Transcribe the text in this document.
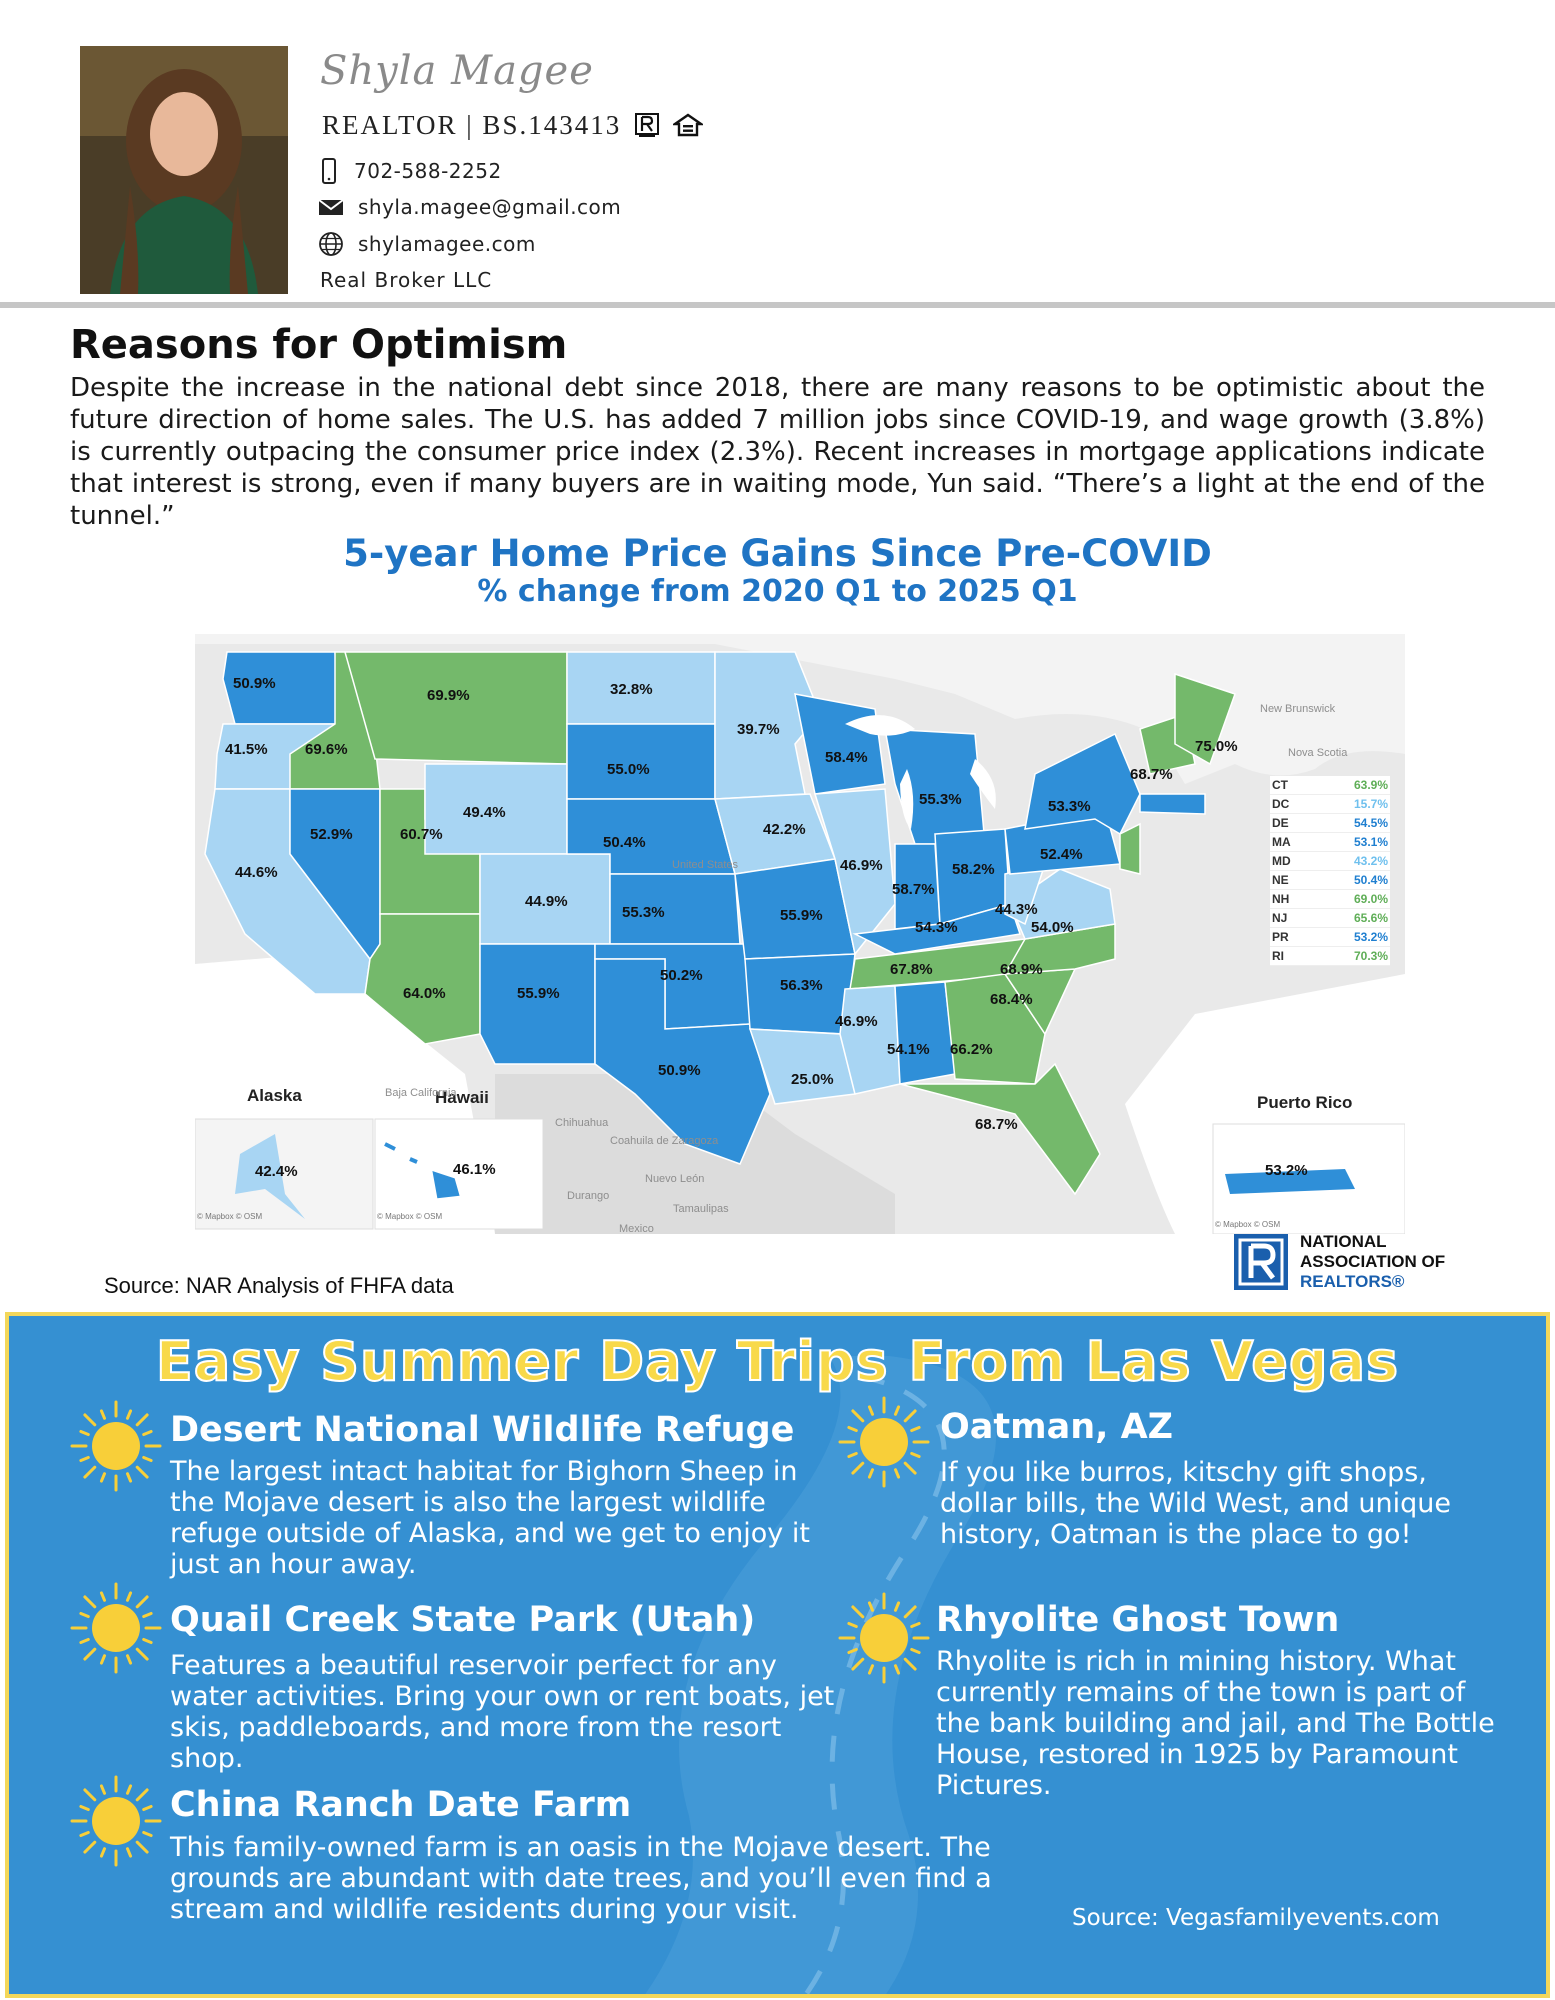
Shyla Magee
REALTOR | BS.143413
702-588-2252
shyla.magee@gmail.com
shylamagee.com
Real Broker LLC
Reasons for Optimism
Despite the increase in the national debt since 2018, there are many reasons to be optimistic about the future direction of home sales. The U.S. has added 7 million jobs since COVID-19, and wage growth (3.8%) is currently outpacing the consumer price index (2.3%). Recent increases in mortgage applications indicate that interest is strong, even if many buyers are in waiting mode, Yun said. “There’s a light at the end of the tunnel.”
5-year Home Price Gains Since Pre-COVID
% change from 2020 Q1 to 2025 Q1
50.9%
41.5%
44.6%
69.6%
69.9%
52.9%	60.7%
64.0%
49.4%
44.9%
55.9%
32.8%
55.0%
50.4%
55.3%
50.2%
50.9%
39.7%
42.2%
55.9%
56.3%
25.0%
58.4%
46.9%
55.3%
58.7%
58.2%
54.3%
67.8%
46.9%
54.1% 66.2%
68.7%
68.4%
68.9%
54.0%
44.3%
52.4%
53.3%
68.7%
75.0%
42.4%	46.1%	53.2%
Alaska	Hawaii	Puerto Rico
New Brunswick
Nova Scotia
United States
Baja California
Chihuahua
Coahuila de Zaragoza
Nuevo León
Durango
Tamaulipas
Mexico
© Mapbox © OSM	© Mapbox © OSM
© Mapbox © OSM
CT	63.9%
DC	15.7%
DE	54.5%
MA	53.1%
MD	43.2%
NE	50.4%
NH	69.0%
NJ	65.6%
PR	53.2%
RI	70.3%
Source: NAR Analysis of FHFA data
NATIONAL
ASSOCIATION OF
REALTORS®
Easy Summer Day Trips From Las Vegas
Desert National Wildlife Refuge
The largest intact habitat for Bighorn Sheep in the Mojave desert is also the largest wildlife refuge outside of Alaska, and we get to enjoy it just an hour away.
Oatman, AZ
If you like burros, kitschy gift shops, dollar bills, the Wild West, and unique history, Oatman is the place to go!
Quail Creek State Park (Utah)
Features a beautiful reservoir perfect for any water activities. Bring your own or rent boats, jet skis, paddleboards, and more from the resort shop.
Rhyolite Ghost Town
Rhyolite is rich in mining history. What currently remains of the town is part of the bank building and jail, and The Bottle House, restored in 1925 by Paramount Pictures.
China Ranch Date Farm
This family-owned farm is an oasis in the Mojave desert. The grounds are abundant with date trees, and you’ll even find a stream and wildlife residents during your visit.	Source: Vegasfamilyevents.com
